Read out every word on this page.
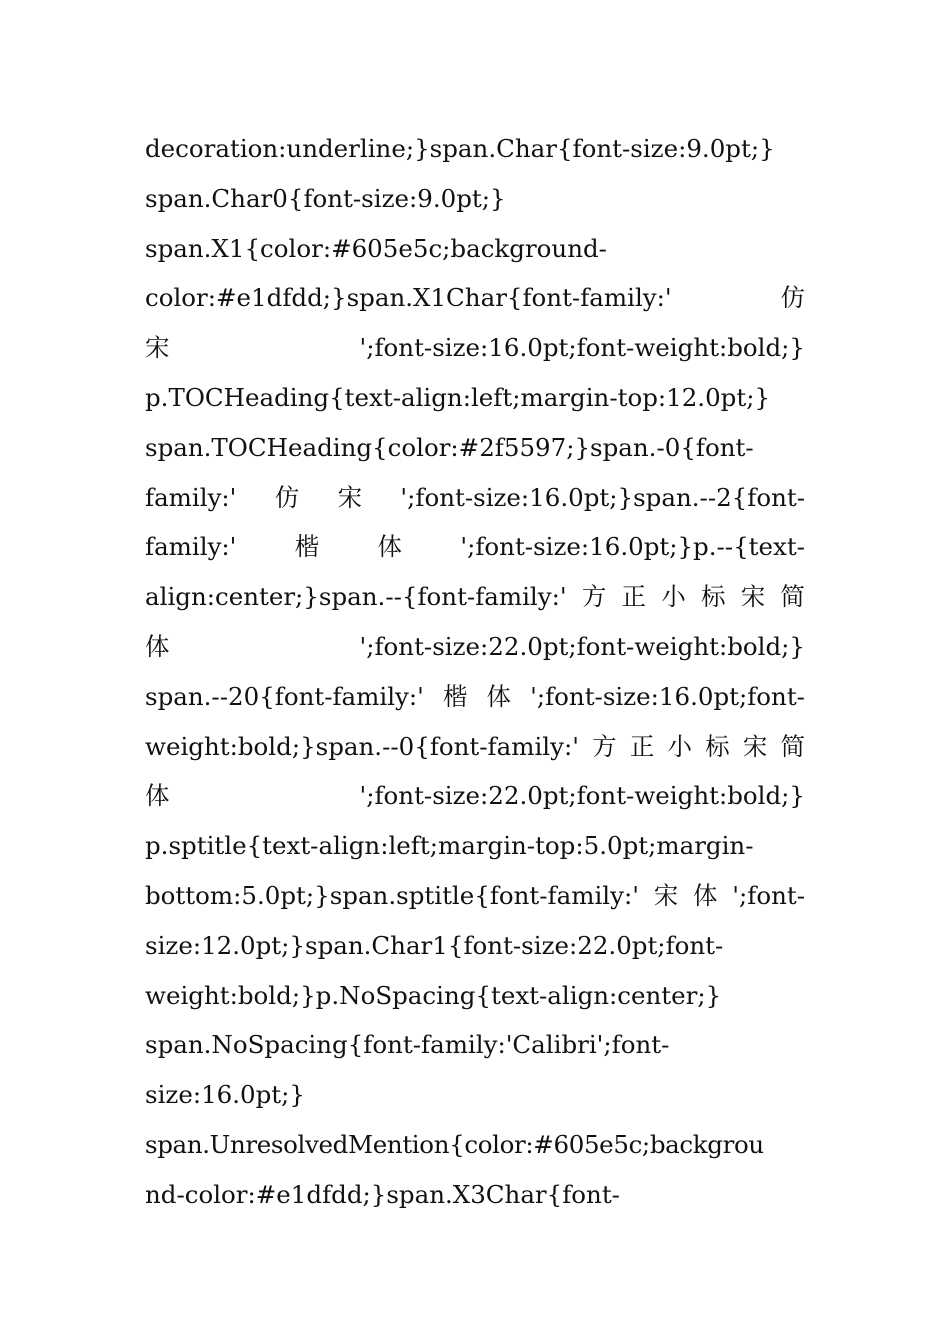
decoration:underline;}span.Char{font-size:9.0pt;}
span.Char0{font-size:9.0pt;}
span.X1{color:#605e5c;background-
color:#e1dfdd;}span.X1Char{font-family:'	仿
宋	';font-size:16.0pt;font-weight:bold;}
p.TOCHeading{text-align:left;margin-top:12.0pt;}
span.TOCHeading{color:#2f5597;}span.-0{font-
family:' 仿 宋 ';font-size:16.0pt;}span.--2{font-
family:' 楷 体 ';font-size:16.0pt;}p.--{text-
align:center;}span.--{font-family:' 方 正 小 标 宋 简
体	';font-size:22.0pt;font-weight:bold;}
span.--20{font-family:' 楷 体 ';font-size:16.0pt;font-
weight:bold;}span.--0{font-family:' 方 正 小 标 宋 简
体	';font-size:22.0pt;font-weight:bold;}
p.sptitle{text-align:left;margin-top:5.0pt;margin-
bottom:5.0pt;}span.sptitle{font-family:' 宋 体 ';font-
size:12.0pt;}span.Char1{font-size:22.0pt;font-
weight:bold;}p.NoSpacing{text-align:center;}
span.NoSpacing{font-family:'Calibri';font-
size:16.0pt;}
span.UnresolvedMention{color:#605e5c;backgrou
nd-color:#e1dfdd;}span.X3Char{font-
